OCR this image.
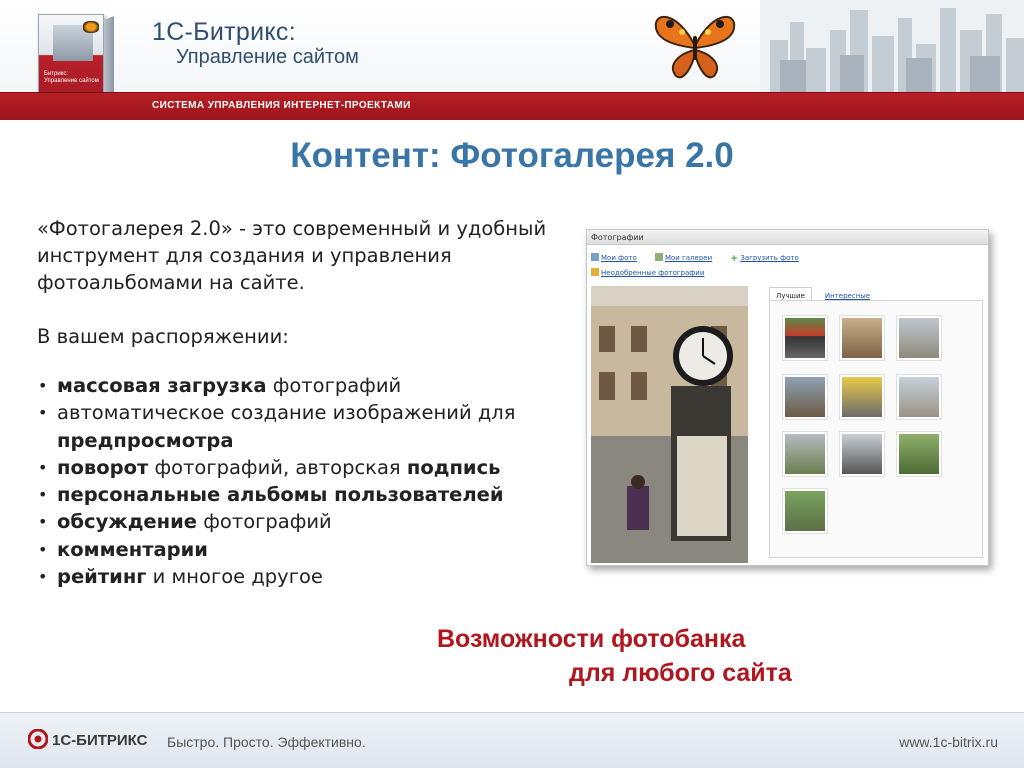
Битрикс:
Управление сайтом
1С-Битрикс:
Управление сайтом
СИСТЕМА УПРАВЛЕНИЯ ИНТЕРНЕТ-ПРОЕКТАМИ
Контент: Фотогалерея 2.0
«Фотогалерея 2.0» - это современный и удобный инструмент для создания и управления фотоальбомами на сайте.
В вашем распоряжении:
• массовая загрузка фотографий
• автоматическое создание изображений для предпросмотра
• поворот фотографий, авторская подпись
• персональные альбомы пользователей
• обсуждение фотографий
• комментарии
• рейтинг и многое другое
Возможности фотобанка
для любого сайта
Фотографии
Мои фото	Мои галереи + Загрузить фото
Неодобренные фотографии
Лучшие	Интересные
1С-БИТРИКС Быстро. Просто. Эффективно.	www.1c-bitrix.ru
